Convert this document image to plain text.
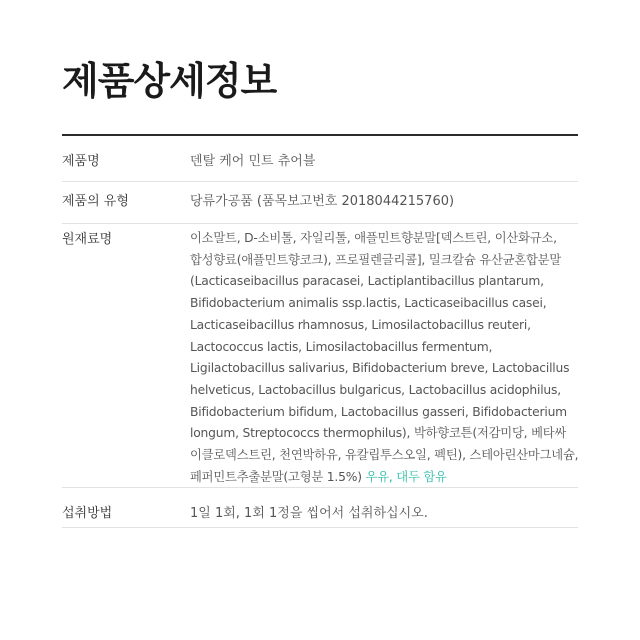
제품상세정보
제품명	덴탈 케어 민트 츄어블
제품의 유형	당류가공품 (품목보고번호 2018044215760)
원재료명	이소말트, D-소비톨, 자일리톨, 애플민트향분말[덱스트린, 이산화규소,
합성향료(애플민트향코크), 프로필렌글리콜], 밀크칼슘 유산균혼합분말
(Lacticaseibacillus paracasei, Lactiplantibacillus plantarum,
Bifidobacterium animalis ssp.lactis, Lacticaseibacillus casei,
Lacticaseibacillus rhamnosus, Limosilactobacillus reuteri,
Lactococcus lactis, Limosilactobacillus fermentum,
Ligilactobacillus salivarius, Bifidobacterium breve, Lactobacillus
helveticus, Lactobacillus bulgaricus, Lactobacillus acidophilus,
Bifidobacterium bifidum, Lactobacillus gasseri, Bifidobacterium
longum, Streptococcs thermophilus), 박하향코튼(저감미당, 베타싸
이클로덱스트린, 천연박하유, 유칼립투스오일, 펙틴), 스테아린산마그네슘,
페퍼민트추출분말(고형분 1.5%) 우유, 대두 함유
섭취방법	1일 1회, 1회 1정을 씹어서 섭취하십시오.
